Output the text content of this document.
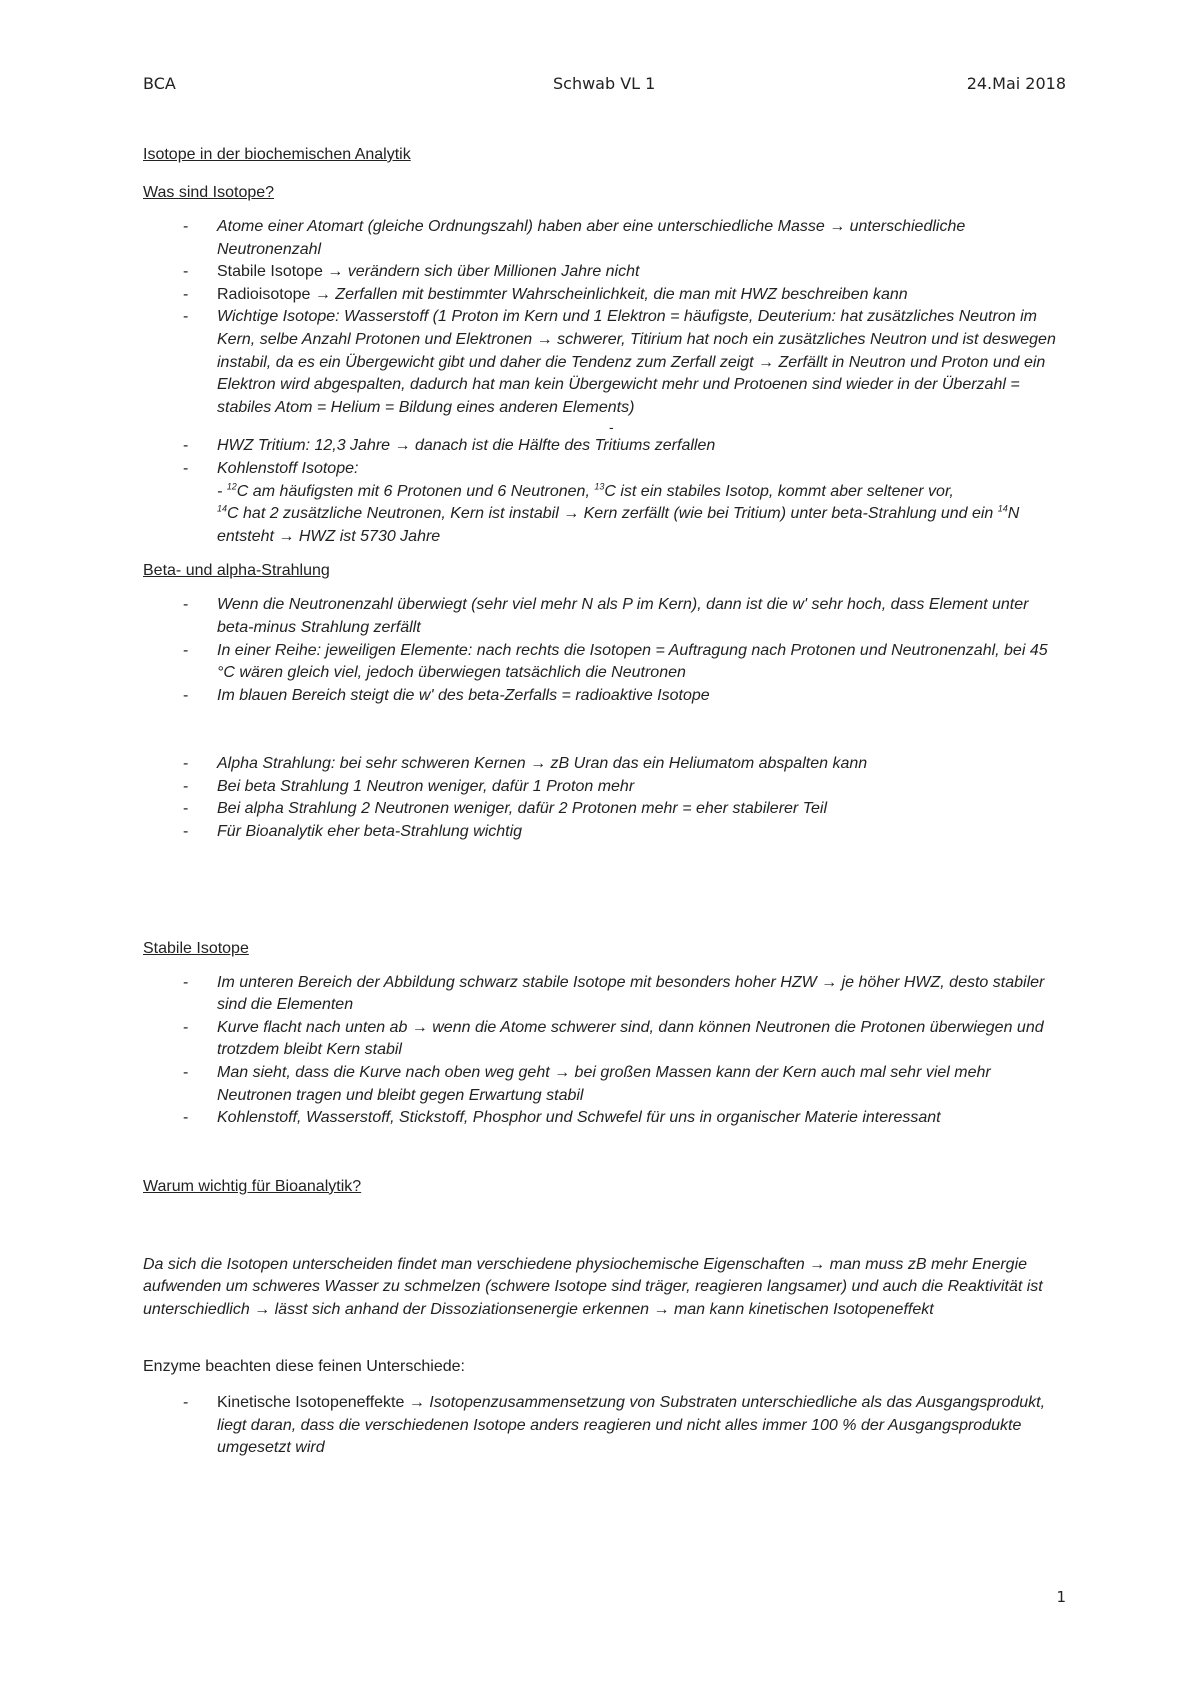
BCA	Schwab VL 1	24.Mai 2018

Isotope in der biochemischen Analytik

Was sind Isotope?

- Atome einer Atomart (gleiche Ordnungszahl) haben aber eine unterschiedliche Masse → unterschiedliche Neutronenzahl
- Stabile Isotope → verändern sich über Millionen Jahre nicht
- Radioisotope → Zerfallen mit bestimmter Wahrscheinlichkeit, die man mit HWZ beschreiben kann
- Wichtige Isotope: Wasserstoff (1 Proton im Kern und 1 Elektron = häufigste, Deuterium: hat zusätzliches Neutron im Kern, selbe Anzahl Protonen und Elektronen → schwerer, Titirium hat noch ein zusätzliches Neutron und ist deswegen instabil, da es ein Übergewicht gibt und daher die Tendenz zum Zerfall zeigt → Zerfällt in Neutron und Proton und ein Elektron wird abgespalten, dadurch hat man kein Übergewicht mehr und Protoenen sind wieder in der Überzahl = stabiles Atom = Helium = Bildung eines anderen Elements)
-
- HWZ Tritium: 12,3 Jahre → danach ist die Hälfte des Tritiums zerfallen
- Kohlenstoff Isotope:
- $^{12}$C am häufigsten mit 6 Protonen und 6 Neutronen, $^{13}$C ist ein stabiles Isotop, kommt aber seltener vor,
$^{14}$C hat 2 zusätzliche Neutronen, Kern ist instabil → Kern zerfällt (wie bei Tritium) unter beta-Strahlung und ein $^{14}$N entsteht → HWZ ist 5730 Jahre

Beta- und alpha-Strahlung

- Wenn die Neutronenzahl überwiegt (sehr viel mehr N als P im Kern), dann ist die w' sehr hoch, dass Element unter beta-minus Strahlung zerfällt
- In einer Reihe: jeweiligen Elemente: nach rechts die Isotopen = Auftragung nach Protonen und Neutronenzahl, bei 45 °C wären gleich viel, jedoch überwiegen tatsächlich die Neutronen
- Im blauen Bereich steigt die w' des beta-Zerfalls = radioaktive Isotope
- Alpha Strahlung: bei sehr schweren Kernen → zB Uran das ein Heliumatom abspalten kann
- Bei beta Strahlung 1 Neutron weniger, dafür 1 Proton mehr
- Bei alpha Strahlung 2 Neutronen weniger, dafür 2 Protonen mehr = eher stabilerer Teil
- Für Bioanalytik eher beta-Strahlung wichtig

Stabile Isotope

- Im unteren Bereich der Abbildung schwarz stabile Isotope mit besonders hoher HZW → je höher HWZ, desto stabiler sind die Elementen
- Kurve flacht nach unten ab → wenn die Atome schwerer sind, dann können Neutronen die Protonen überwiegen und trotzdem bleibt Kern stabil
- Man sieht, dass die Kurve nach oben weg geht → bei großen Massen kann der Kern auch mal sehr viel mehr Neutronen tragen und bleibt gegen Erwartung stabil
- Kohlenstoff, Wasserstoff, Stickstoff, Phosphor und Schwefel für uns in organischer Materie interessant

Warum wichtig für Bioanalytik?

Da sich die Isotopen unterscheiden findet man verschiedene physiochemische Eigenschaften → man muss zB mehr Energie aufwenden um schweres Wasser zu schmelzen (schwere Isotope sind träger, reagieren langsamer) und auch die Reaktivität ist unterschiedlich → lässt sich anhand der Dissoziationsenergie erkennen → man kann kinetischen Isotopeneffekt

Enzyme beachten diese feinen Unterschiede:

- Kinetische Isotopeneffekte → Isotopenzusammensetzung von Substraten unterschiedliche als das Ausgangsprodukt, liegt daran, dass die verschiedenen Isotope anders reagieren und nicht alles immer 100 % der Ausgangsprodukte umgesetzt wird
1
